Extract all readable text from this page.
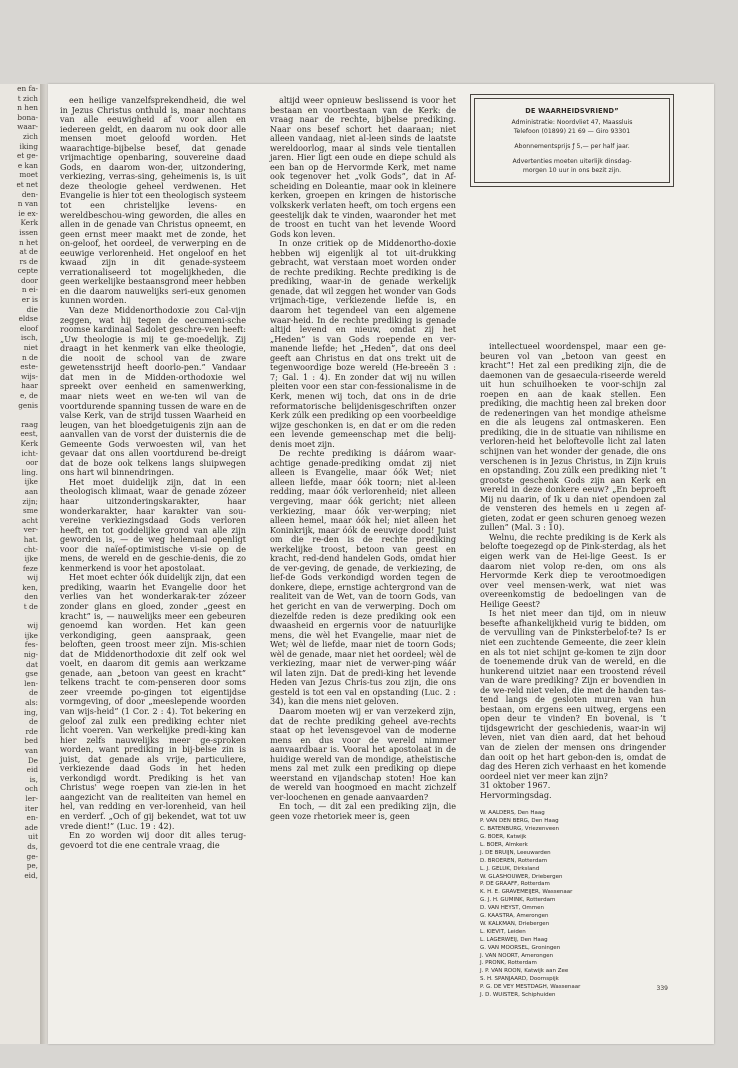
en fa-
t zich
n hen
bona-
waar-
zich
iking
et ge-
e kan
moet
et net
den-
n van
ie ex-
Kerk
issen
n het
at de
rs de
cepte
door
n ei-
er is
die
eldse
eloof
isch,
niet
n de
este-
wijs-
haar
e, de
genis

raag
eest,
Kerk
icht-
oor
ling.
ijke
aan
zijn;
sme
acht
ver-
hat.
cht-
ijke
feze
wij
ken,
den
t de

wij
ijke
fes-
nig-
dat
gse
len-
de
als:
ing,
de
rde
bed
van
De
eid
is,
och
ler-
iter
en-
ade
uit
ds,
ge-
pe,
eid,

een heilige vanzelfsprekendheid, die wel in Jezus Christus onthuld is, maar nochtans van alle eeuwigheid af voor allen en iedereen geldt, en daarom nu ook door alle mensen moet geloofd worden. Het waarachtige-bijbelse besef, dat genade vrijmachtige openbaring, souvereine daad Gods, en daarom won-der, uitzondering, verkiezing, verras-sing, geheimenis is, is uit deze theologie geheel verdwenen. Het Evangelie is hier tot een theologisch systeem tot een christelijke levens- en wereldbeschou-wing geworden, die alles en allen in de genade van Christus opneemt, en geen ernst meer maakt met de zonde, het on-geloof, het oordeel, de verwerping en de eeuwige verlorenheid. Het ongeloof en het kwaad zijn in dit genade-systeem verrationaliseerd tot mogelijkheden, die geen werkelijke bestaansgrond meer hebben en die daarom nauwelijks seri-eux genomen kunnen worden.

Van deze Middenorthodoxie zou Cal-vijn zeggen, wat hij tegen de oecumeni-sche roomse kardinaal Sadolet geschre-ven heeft: „Uw theologie is mij te ge-moedelijk. Zij draagt in het kenmerk van elke theologie, die nooit de school van de zware gewetensstrijd heeft doorlo-pen.” Vandaar dat men in de Midden-orthodoxie wel spreekt over eenheid en samenwerking, maar niets weet en we-ten wil van de voortdurende spanning tussen de ware en de valse Kerk, van de strijd tussen Waarheid en leugen, van het bloedgetuigenis zijn aan de aanvallen van de vorst der duisternis die de Gemeente Gods verwoesten wil, van het gevaar dat ons allen voortdurend be-dreigt dat de boze ook telkens langs sluipwegen ons hart wil binnendringen.

Het moet duidelijk zijn, dat in een theologisch klimaat, waar de genade zózeer haar uitzonderingskarakter, haar wonderkarakter, haar karakter van sou-vereine verkiezingsdaad Gods verloren heeft, en tot goddelijke grond van alle zijn geworden is, — de weg helemaal openligt voor die naïef-optimistische vi-sie op de mens, de wereld en de geschie-denis, die zo kenmerkend is voor het apostolaat.

Het moet echter óók duidelijk zijn, dat een prediking, waarin het Evangelie door het verlies van het wonderkarak-ter zózeer zonder glans en gloed, zonder „geest en kracht” is, — nauwelijks meer een gebeuren genoemd kan worden. Het kan geen verkondiging, geen aanspraak, geen beloften, geen troost meer zijn. Mis-schien dat de Middenorthodoxie dit zelf ook wel voelt, en daarom dit gemis aan werkzame genade, aan „betoon van geest en kracht” telkens tracht te com-penseren door soms zeer vreemde po-gingen tot eigentijdse vormgeving, of door „meeslepende woorden van wijs-heid” (1 Cor. 2 : 4). Tot bekering en geloof zal zulk een prediking echter niet licht voeren. Van werkelijke predi-king kan hier zelfs nauwelijks meer ge-sproken worden, want prediking in bij-belse zin is juist, dat genade als vrije, particuliere, verkiezende daad Gods in het heden verkondigd wordt. Prediking is het van Christus' wege roepen van zie-len in het aangezicht van de realiteiten van hemel en hel, van redding en ver-lorenheid, van heil en verderf. „Och of gij bekendet, wat tot uw vrede dient!” (Luc. 19 : 42).

En zo worden wij door dit alles terug-gevoerd tot die ene centrale vraag, die

altijd weer opnieuw beslissend is voor het bestaan en voortbestaan van de Kerk: de vraag naar de rechte, bijbelse prediking. Naar ons besef schort het daaraan; niet alleen vandaag, niet al-leen sinds de laatste wereldoorlog, maar al sinds vele tientallen jaren. Hier ligt een oude en diepe schuld als een ban op de Hervormde Kerk, met name ook tegenover het „volk Gods”, dat in Af-scheiding en Doleantie, maar ook in kleinere kerken, groepen en kringen de historische volkskerk verlaten heeft, om toch ergens een geestelijk dak te vinden, waaronder het met de troost en tucht van het levende Woord Gods kon leven.

In onze critiek op de Middenortho-doxie hebben wij eigenlijk al tot uit-drukking gebracht, wat verstaan moet worden onder de rechte prediking. Rechte prediking is de prediking, waar-in de genade werkelijk genade, dat wil zeggen het wonder van Gods vrijmach-tige, verkiezende liefde is, en daarom het tegendeel van een algemene waar-heid. In de rechte prediking is genade altijd levend en nieuw, omdat zij het „Heden” is van Gods roepende en ver-manende liefde; het „Heden”, dat ons deel geeft aan Christus en dat ons trekt uit de tegenwoordige boze wereld (He-breeën 3 : 7; Gal. 1 : 4). En zonder dat wij nu willen pleiten voor een star con-fessionalisme in de Kerk, menen wij toch, dat ons in de drie reformatorische belijdenisgeschriften onzer Kerk zúlk een prediking op een voorbeeldige wijze geschonken is, en dat er om die reden een levende gemeenschap met die belij-denis moet zijn.

De rechte prediking is dáárom waar-achtige genade-prediking omdat zij niet alleen is Evangelie, maar óók Wet; niet alleen liefde, maar óók toorn; niet al-leen redding, maar óók verlorenheid; niet alleen vergeving, maar óók gericht; niet alleen verkiezing, maar óók ver-werping; niet alleen hemel, maar óók hel; niet alleen het Koninkrijk, maar óók de eeuwige dood! Juist om die re-den is de rechte prediking werkelijke troost, betoon van geest en kracht, red-dend handelen Gods, omdat hier de ver-geving, de genade, de verkiezing, de lief-de Gods verkondigd worden tegen de donkere, diepe, ernstige achtergrond van de realiteit van de Wet, van de toorn Gods, van het gericht en van de verwerping. Doch om diezelfde reden is deze prediking ook een ḋwaasheid en ergernis voor de natuurlijke mens, die wèl het Evangelie, maar niet de Wet; wèl de liefde, maar niet de toorn Gods; wèl de genade, maar niet het oordeel; wèl de verkiezing, maar niet de verwer-ping wáár wil laten zijn. Dat de predi-king het levende Heden van Jezus Chris-tus zou zijn, die ons gesteld is tot een val en opstanding (Luc. 2 : 34), kan die mens niet geloven.

Daarom moeten wij er van verzekerd zijn, dat de rechte prediking geheel ave-rechts staat op het levensgevoel van de moderne mens en dus voor de wereld nimmer aanvaardbaar is. Vooral het apostolaat in de huidige wereld van de mondige, atheïstische mens zal met zulk een prediking op diepe weerstand en vijandschap stoten! Hoe kan de wereld van hoogmoed en macht zichzelf ver-loochenen en genade aanvaarden?

En toch, — dit zal een prediking zijn, die geen voze rhetoriek meer is, geen

DE WAARHEIDSVRIEND”
Administratie: Noordvliet 47, Maassluis
Telefoon (01899) 21 69 — Giro 93301
Abonnementsprijs ƒ 5,— per half jaar.
Advertenties moeten uiterlijk dinsdag-
morgen 10 uur in ons bezit zijn.

intellectueel woordenspel, maar een ge-beuren vol van „betoon van geest en kracht”! Het zal een prediking zijn, die de daemonen van de gesaecula-riseerde wereld uit hun schuilhoeken te voor-schijn zal roepen en aan de kaak stellen. Een prediking, die machtig heen zal breken door de redeneringen van het mondige atheïsme en die als leugens zal ontmaskeren. Een prediking, die in de situatie van nihilisme en verloren-heid het beloftevolle licht zal laten schijnen van het wonder der genade, die ons verschenen is in Jezus Christus, in Zijn kruis en opstanding. Zou zúlk een prediking niet ’t grootste geschenk Gods zijn aan Kerk en wereld in deze donkere eeuw? „En beproeft Mij nu daarin, of Ik u dan niet opendoen zal de vensteren des hemels en u zegen af-gieten, zodat er geen schuren genoeg wezen zullen” (Mal. 3 : 10).

Welnu, die rechte prediking is de Kerk als belofte toegezegd op de Pink-sterdag, als het eigen werk van de Hei-lige Geest. Is er daarom niet volop re-den, om ons als Hervormde Kerk diep te verootmoedigen over veel mensen-werk, wat niet was overeenkomstig de bedoelingen van de Heilige Geest?

Is het niet meer dan tijd, om in nieuw besefte afhankelijkheid vurig te bidden, om de vervulling van de Pinksterbelof-te? Is er niet een zuchtende Gemeente, die zeer klein en als tot niet schijnt ge-komen te zijn door de toenemende druk van de wereld, en die hunkerend uitziet naar een troostend réveil van de ware prediking? Zijn er bovendien in de we-reld niet velen, die met de handen tas-tend langs de gesloten muren van hun bestaan, om ergens een uitweg, ergens een open deur te vinden? En bovenal, is ’t tijdsgewricht der geschiedenis, waar-in wij leven, niet van dien aard, dat het behoud van de zielen der mensen ons dringender dan ooit op het hart gebon-den is, omdat de dag des Heren zich verhaast en het komende oordeel niet ver meer kan zijn?

31 oktober 1967.

Hervormingsdag.

W. AALDERS, Den Haag
P. VAN DEN BERG, Den Haag
C. BATENBURG, Vriezenveen
G. BOER, Katwijk
L. BOER, Almkerk
J. DE BRUIJN, Leeuwarden
D. BROEREN, Rotterdam
L. J. GELUK, Dirksland
W. GLASHOUWER, Driebergen
P. DE GRAAFF, Rotterdam
K. H. E. GRAVEMEIJER, Wassenaar
G. J. H. GUMINK, Rotterdam
D. VAN HEYST, Ommen
G. KAASTRA, Amerongen
W. KALKMAN, Driebergen
L. KIEVIT, Leiden
L. LAGERWEIJ, Den Haag
G. VAN MOORSEL, Groningen
J. VAN NOORT, Amerongen
J. PRONK, Rotterdam
J. P. VAN ROON, Katwijk aan Zee
S. H. SPANJAARD, Doornspijk
P. G. DE VEY MESTDAGH, Wassenaar
J. D. WUISTER, Schiphuiden
339
